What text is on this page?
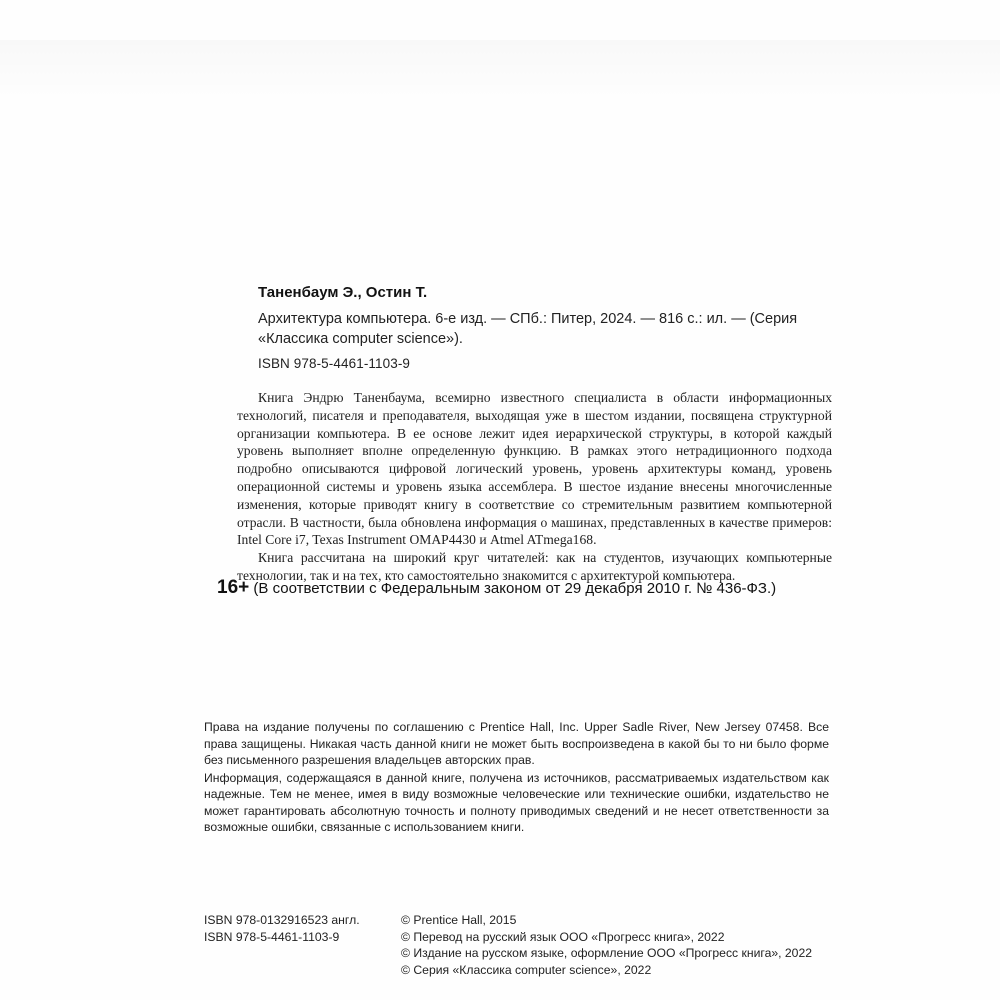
Таненбаум Э., Остин Т.
Архитектура компьютера. 6-е изд. — СПб.: Питер, 2024. — 816 с.: ил. — (Серия
«Классика computer science»).
ISBN 978-5-4461-1103-9

Книга Эндрю Таненбаума, всемирно известного специалиста в области информационных технологий, писателя и преподавателя, выходящая уже в шестом издании, посвящена структурной организации компьютера. В ее основе лежит идея иерархической структуры, в которой каждый уровень выполняет вполне определенную функцию. В рамках этого нетрадиционного подхода подробно описываются цифровой логический уровень, уровень архитектуры команд, уровень операционной системы и уровень языка ассемблера. В шестое издание внесены многочисленные изменения, которые приводят книгу в соответствие со стремительным развитием компьютерной отрасли. В частности, была обновлена информация о машинах, представленных в качестве примеров: Intel Core i7, Texas Instrument OMAP4430 и Atmel ATmega168.

Книга рассчитана на широкий круг читателей: как на студентов, изучающих компьютерные технологии, так и на тех, кто самостоятельно знакомится с архитектурой компьютера.

16+ (В соответствии с Федеральным законом от 29 декабря 2010 г. № 436-ФЗ.)

Права на издание получены по соглашению с Prentice Hall, Inc. Upper Sadle River, New Jersey 07458. Все права защищены. Никакая часть данной книги не может быть воспроизведена в какой бы то ни было форме без письменного разрешения владельцев авторских прав.

Информация, содержащаяся в данной книге, получена из источников, рассматриваемых издательством как надежные. Тем не менее, имея в виду возможные человеческие или технические ошибки, издательство не может гарантировать абсолютную точность и полноту приводимых сведений и не несет ответственности за возможные ошибки, связанные с использованием книги.

ISBN 978-0132916523 англ.
ISBN 978-5-4461-1103-9
© Prentice Hall, 2015
© Перевод на русский язык ООО «Прогресс книга», 2022
© Издание на русском языке, оформление ООО «Прогресс книга», 2022
© Серия «Классика computer science», 2022
